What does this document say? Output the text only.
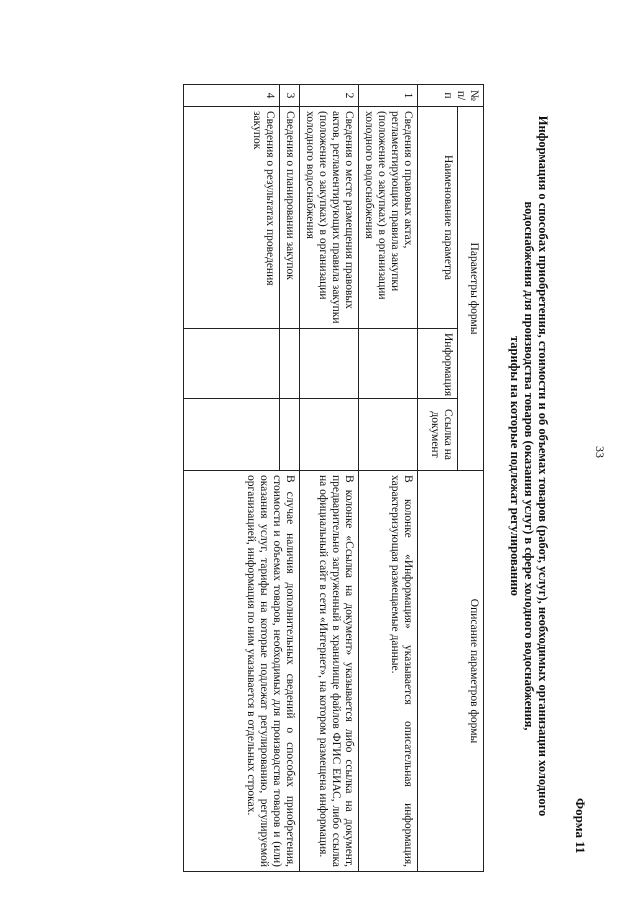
33
Форма 11
Информация о способах приобретения, стоимости и об объемах товаров (работ, услуг), необходимых организации холодного
водоснабжения для производства товаров (оказания услуг) в сфере холодного водоснабжения,
тарифы на которые подлежат регулированию
№
п/п	Параметры формы			Описание параметров формы
	Наименование параметра	Информация	Ссылка на документ	
1	Сведения о правовых актах, регламентирующих правила закупки (положение о закупках) в организации холодного водоснабжения			В колонке «Информация» указывается описательная информация, характеризующая размещаемые данные.
2	Сведения о месте размещения правовых актов, регламентирующих правила закупки (положение о закупках) в организации холодного водоснабжения			В колонке «Ссылка на документ» указывается либо ссылка на документ, предварительно загруженный в хранилище файлов ФГИС ЕИАС, либо ссылка на официальный сайт в сети «Интернет», на котором размещена информация.
3	Сведения о планировании закупок			В случае наличия дополнительных сведений о способах приобретения, стоимости и объемах товаров, необходимых для производства товаров и (или) оказания услуг, тарифы на которые подлежат регулированию, регулируемой организацией, информация по ним указывается в отдельных строках.
4	Сведения о результатах проведения закупок			
